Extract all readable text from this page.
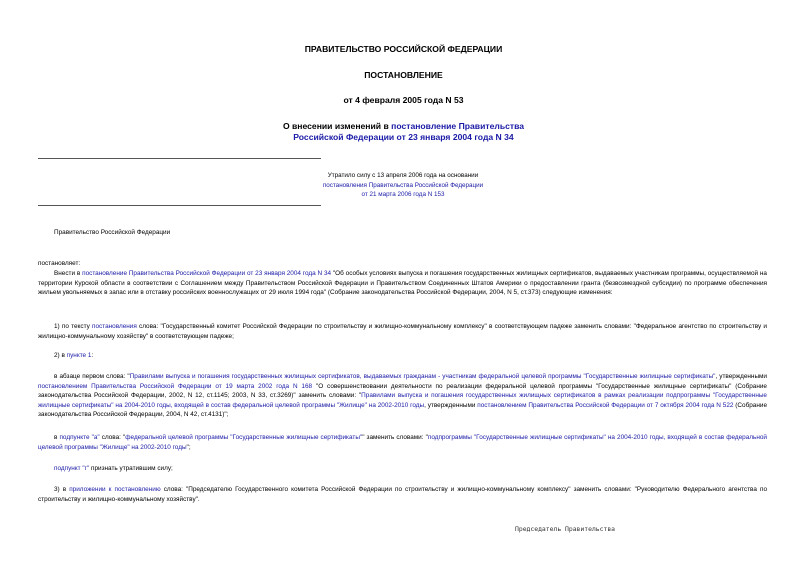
ПРАВИТЕЛЬСТВО РОССИЙСКОЙ ФЕДЕРАЦИИ
ПОСТАНОВЛЕНИЕ
от 4 февраля 2005 года N 53
О внесении изменений в постановление Правительства
Российской Федерации от 23 января 2004 года N 34
Утратило силу с 13 апреля 2006 года на основании
постановления Правительства Российской Федерации
от 21 марта 2006 года N 153
Правительство Российской Федерации
постановляет:
Внести в постановление Правительства Российской Федерации от 23 января 2004 года N 34 "Об особых условиях выпуска и погашения государственных жилищных сертификатов, выдаваемых участникам программы, осуществляемой на территории Курской области в соответствии с Соглашением между Правительством Российской Федерации и Правительством Соединенных Штатов Америки о предоставлении гранта (безвозмездной субсидии) по программе обеспечения жильем увольняемых в запас или в отставку российских военнослужащих от 29 июля 1994 года" (Собрание законодательства Российской Федерации, 2004, N 5, ст.373) следующие изменения:
1) по тексту постановления слова: "Государственный комитет Российской Федерации по строительству и жилищно-коммунальному комплексу" в соответствующем падеже заменить словами: "Федеральное агентство по строительству и жилищно-коммунальному хозяйству" в соответствующем падеже;
2) в пункте 1:
в абзаце первом слова: "Правилами выпуска и погашения государственных жилищных сертификатов, выдаваемых гражданам - участникам федеральной целевой программы "Государственные жилищные сертификаты", утвержденными постановлением Правительства Российской Федерации от 19 марта 2002 года N 168 "О совершенствовании деятельности по реализации федеральной целевой программы "Государственные жилищные сертификаты" (Собрание законодательства Российской Федерации, 2002, N 12, ст.1145; 2003, N 33, ст.3269)" заменить словами: "Правилами выпуска и погашения государственных жилищных сертификатов в рамках реализации подпрограммы "Государственные жилищные сертификаты" на 2004-2010 годы, входящей в состав федеральной целевой программы "Жилище" на 2002-2010 годы, утвержденными постановлением Правительства Российской Федерации от 7 октября 2004 года N 522 (Собрание законодательства Российской Федерации, 2004, N 42, ст.4131)";
в подпункте "а" слова: "федеральной целевой программы "Государственные жилищные сертификаты"" заменить словами: "подпрограммы "Государственные жилищные сертификаты" на 2004-2010 годы, входящей в состав федеральной целевой программы "Жилище" на 2002-2010 годы";
подпункт "г" признать утратившим силу;
3) в приложении к постановлению слова: "Председателю Государственного комитета Российской Федерации по строительству и жилищно-коммунальному комплексу" заменить словами: "Руководителю Федерального агентства по строительству и жилищно-коммунальному хозяйству".
Председатель Правительства
